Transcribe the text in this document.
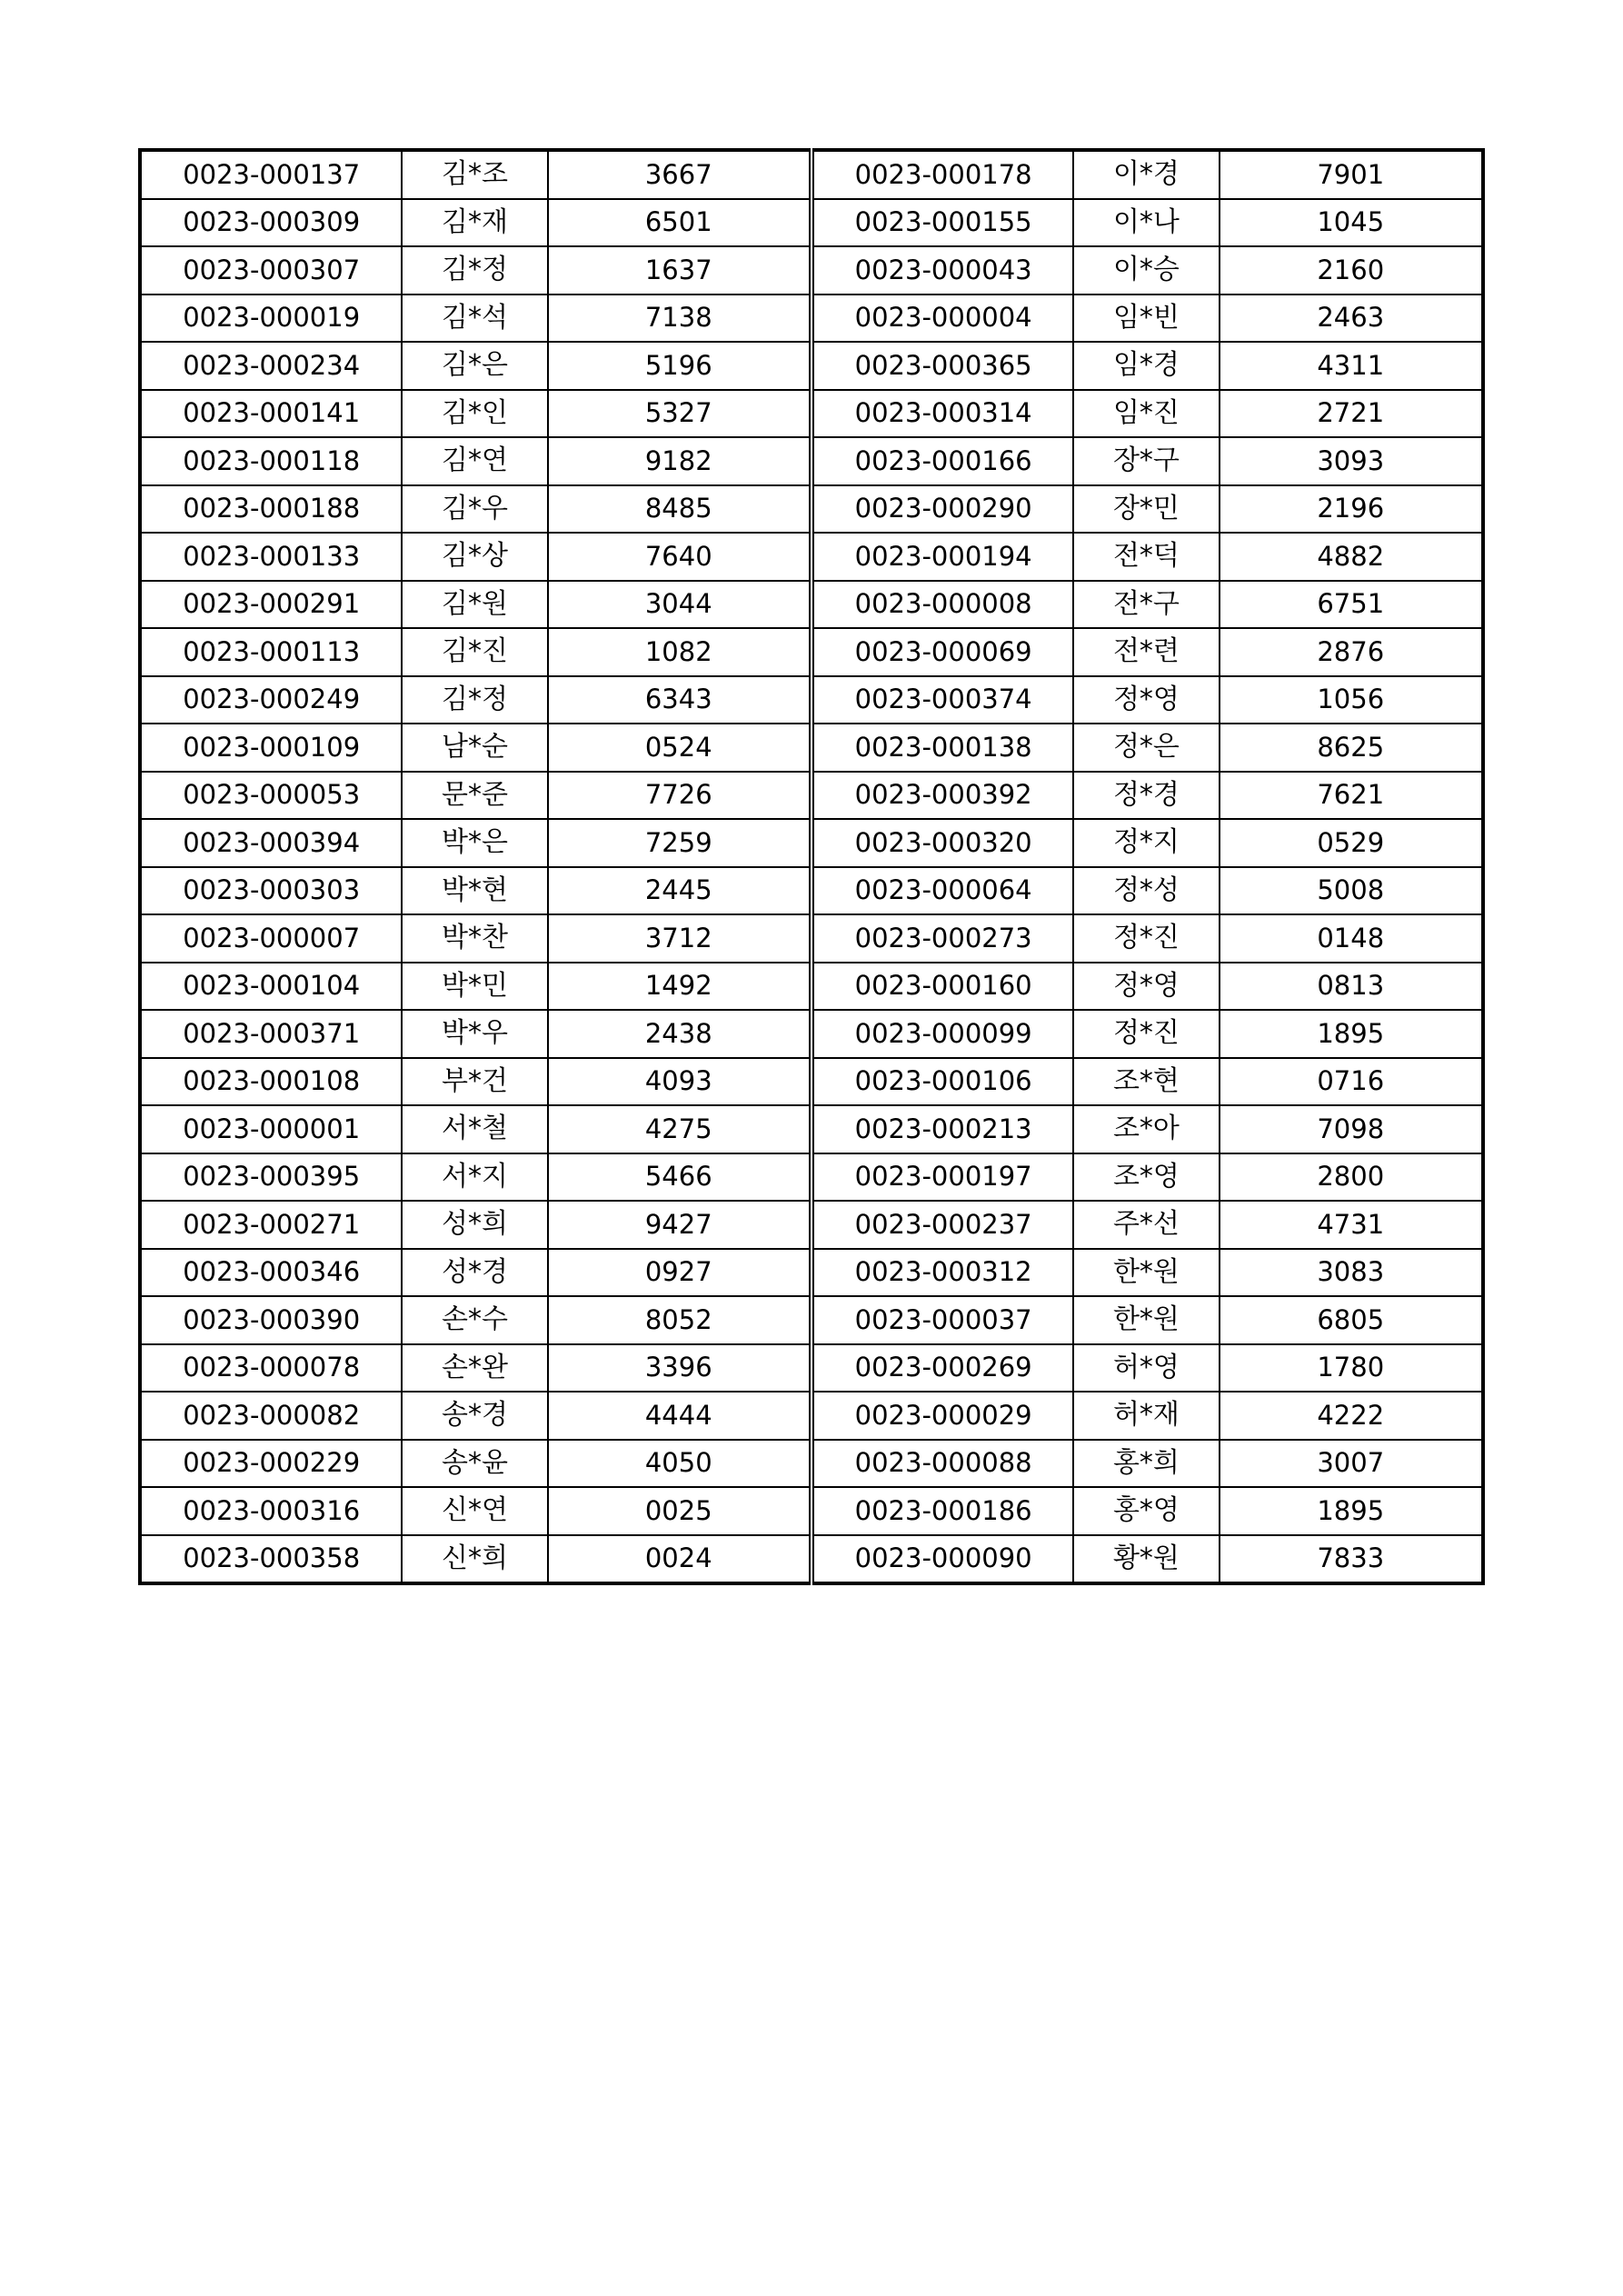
0023-000137	김*조	3667	0023-000178	이*경	7901
0023-000309	김*재	6501	0023-000155	이*나	1045
0023-000307	김*정	1637	0023-000043	이*승	2160
0023-000019	김*석	7138	0023-000004	임*빈	2463
0023-000234	김*은	5196	0023-000365	임*경	4311
0023-000141	김*인	5327	0023-000314	임*진	2721
0023-000118	김*연	9182	0023-000166	장*구	3093
0023-000188	김*우	8485	0023-000290	장*민	2196
0023-000133	김*상	7640	0023-000194	전*덕	4882
0023-000291	김*원	3044	0023-000008	전*구	6751
0023-000113	김*진	1082	0023-000069	전*련	2876
0023-000249	김*정	6343	0023-000374	정*영	1056
0023-000109	남*순	0524	0023-000138	정*은	8625
0023-000053	문*준	7726	0023-000392	정*경	7621
0023-000394	박*은	7259	0023-000320	정*지	0529
0023-000303	박*현	2445	0023-000064	정*성	5008
0023-000007	박*찬	3712	0023-000273	정*진	0148
0023-000104	박*민	1492	0023-000160	정*영	0813
0023-000371	박*우	2438	0023-000099	정*진	1895
0023-000108	부*건	4093	0023-000106	조*현	0716
0023-000001	서*철	4275	0023-000213	조*아	7098
0023-000395	서*지	5466	0023-000197	조*영	2800
0023-000271	성*희	9427	0023-000237	주*선	4731
0023-000346	성*경	0927	0023-000312	한*원	3083
0023-000390	손*수	8052	0023-000037	한*원	6805
0023-000078	손*완	3396	0023-000269	허*영	1780
0023-000082	송*경	4444	0023-000029	허*재	4222
0023-000229	송*윤	4050	0023-000088	홍*희	3007
0023-000316	신*연	0025	0023-000186	홍*영	1895
0023-000358	신*희	0024	0023-000090	황*원	7833
